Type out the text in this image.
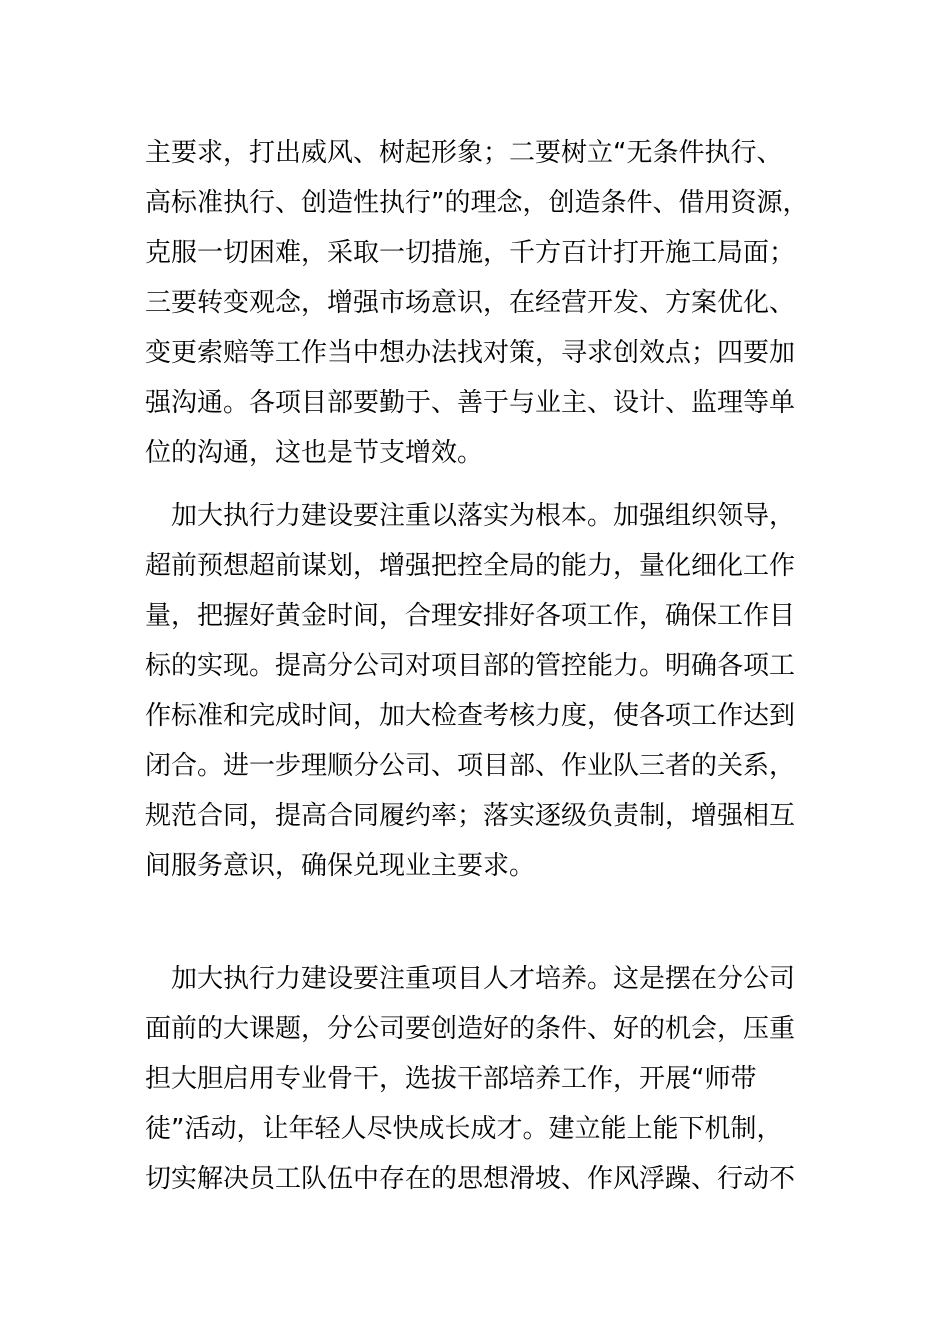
主要求，打出威风、树起形象；二要树立“无条件执行、
高标准执行、创造性执行”的理念，创造条件、借用资源，
克服一切困难，采取一切措施，千方百计打开施工局面；
三要转变观念，增强市场意识，在经营开发、方案优化、
变更索赔等工作当中想办法找对策，寻求创效点；四要加
强沟通。各项目部要勤于、善于与业主、设计、监理等单
位的沟通，这也是节支增效。
　加大执行力建设要注重以落实为根本。加强组织领导，
超前预想超前谋划，增强把控全局的能力，量化细化工作
量，把握好黄金时间，合理安排好各项工作，确保工作目
标的实现。提高分公司对项目部的管控能力。明确各项工
作标准和完成时间，加大检查考核力度，使各项工作达到
闭合。进一步理顺分公司、项目部、作业队三者的关系，
规范合同，提高合同履约率；落实逐级负责制，增强相互
间服务意识，确保兑现业主要求。
　加大执行力建设要注重项目人才培养。这是摆在分公司
面前的大课题，分公司要创造好的条件、好的机会，压重
担大胆启用专业骨干，选拔干部培养工作，开展“师带
徒”活动，让年轻人尽快成长成才。建立能上能下机制，
切实解决员工队伍中存在的思想滑坡、作风浮躁、行动不
